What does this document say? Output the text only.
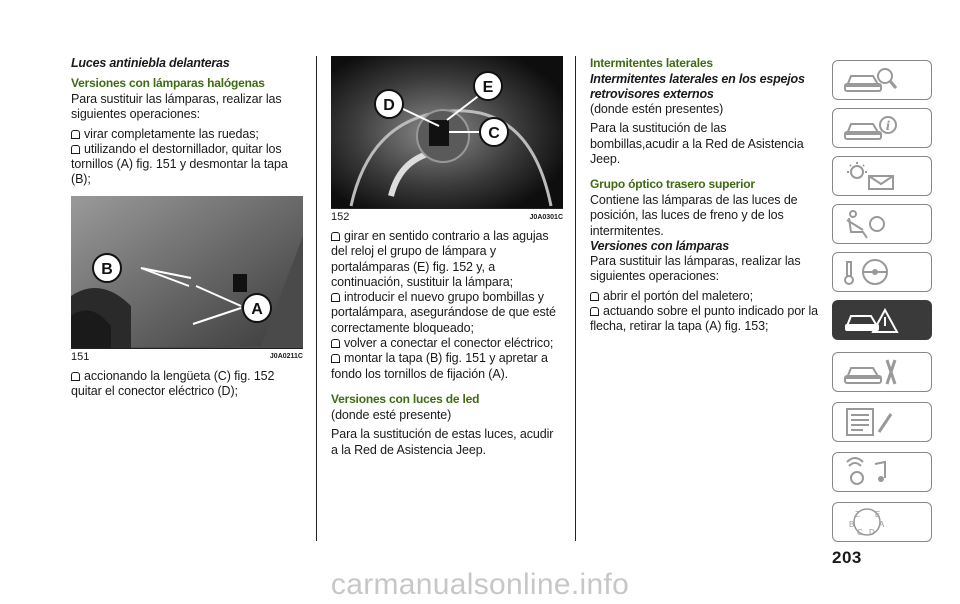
Luces antiniebla delanteras
Versiones con lámparas halógenas

Para sustituir las lámparas, realizar las siguientes operaciones:

virar completamente las ruedas;
utilizando el destornillador, quitar los tornillos (A) fig. 151 y desmontar la tapa (B);
B
A
151	J0A0211C
accionando la lengüeta (C) fig. 152 quitar el conector eléctrico (D);
D
E
C
152	J0A0301C
girar en sentido contrario a las agujas del reloj el grupo de lámpara y portalámparas (E) fig. 152 y, a continuación, sustituir la lámpara;
introducir el nuevo grupo bombillas y portalámpara, asegurándose de que esté correctamente bloqueado;
volver a conectar el conector eléctrico;
montar la tapa (B) fig. 151 y apretar a fondo los tornillos de fijación (A).
Versiones con luces de led

(donde esté presente)

Para la sustitución de estas luces, acudir a la Red de Asistencia Jeep.

Intermitentes laterales
Intermitentes laterales en los espejos retrovisores externos

(donde estén presentes)

Para la sustitución de las bombillas,acudir a la Red de Asistencia Jeep.

Grupo óptico trasero superior

Contiene las lámparas de las luces de posición, las luces de freno y de los intermitentes.

Versiones con lámparas

Para sustituir las lámparas, realizar las siguientes operaciones:

abrir el portón del maletero;
actuando sobre el punto indicado por la flecha, retirar la tapa (A) fig. 153;
i
Z E
B	A
C D
203
carmanualsonline.info
